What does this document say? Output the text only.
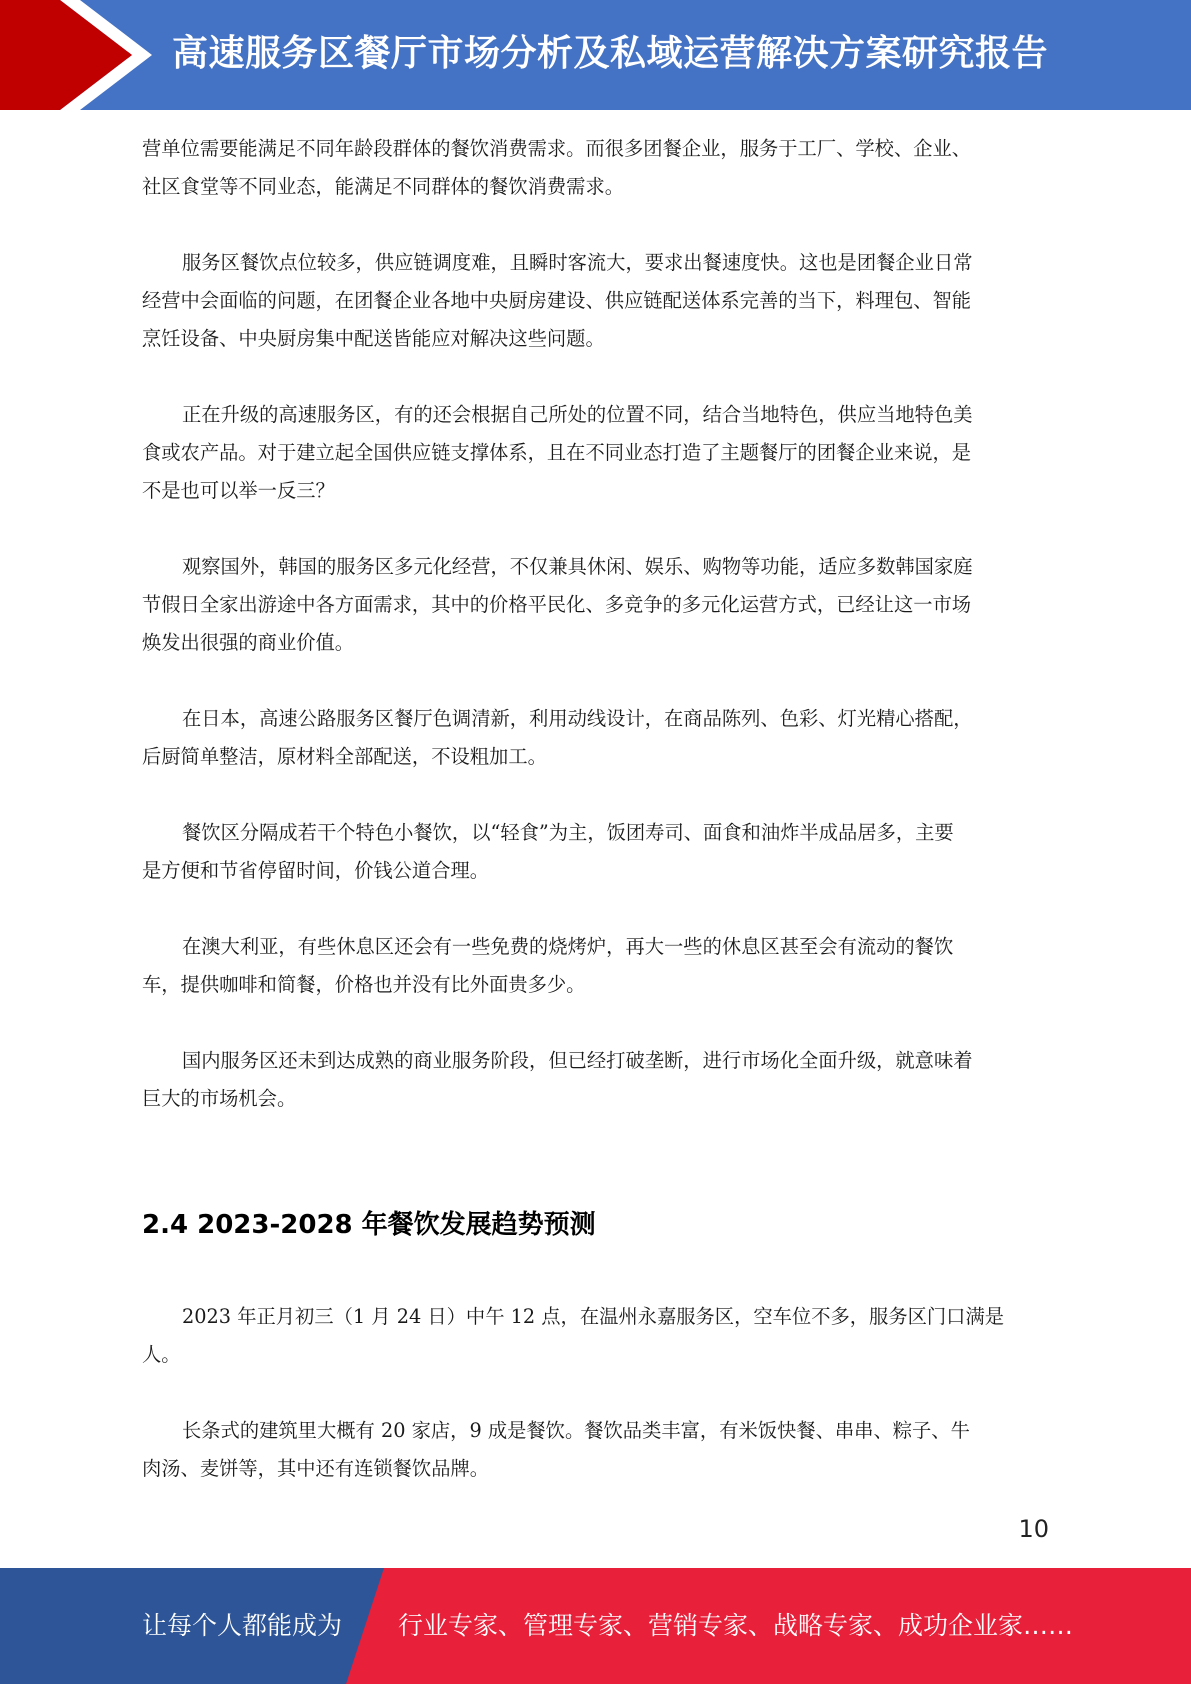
高速服务区餐厅市场分析及私域运营解决方案研究报告
营单位需要能满足不同年龄段群体的餐饮消费需求。而很多团餐企业，服务于工厂、学校、企业、
社区食堂等不同业态，能满足不同群体的餐饮消费需求。
服务区餐饮点位较多，供应链调度难，且瞬时客流大，要求出餐速度快。这也是团餐企业日常
经营中会面临的问题，在团餐企业各地中央厨房建设、供应链配送体系完善的当下，料理包、智能
烹饪设备、中央厨房集中配送皆能应对解决这些问题。
正在升级的高速服务区，有的还会根据自己所处的位置不同，结合当地特色，供应当地特色美
食或农产品。对于建立起全国供应链支撑体系，且在不同业态打造了主题餐厅的团餐企业来说，是
不是也可以举一反三？
观察国外，韩国的服务区多元化经营，不仅兼具休闲、娱乐、购物等功能，适应多数韩国家庭
节假日全家出游途中各方面需求，其中的价格平民化、多竞争的多元化运营方式，已经让这一市场
焕发出很强的商业价值。
在日本，高速公路服务区餐厅色调清新，利用动线设计，在商品陈列、色彩、灯光精心搭配，
后厨简单整洁，原材料全部配送，不设粗加工。
餐饮区分隔成若干个特色小餐饮，以“轻食”为主，饭团寿司、面食和油炸半成品居多，主要
是方便和节省停留时间，价钱公道合理。
在澳大利亚，有些休息区还会有一些免费的烧烤炉，再大一些的休息区甚至会有流动的餐饮
车，提供咖啡和简餐，价格也并没有比外面贵多少。
国内服务区还未到达成熟的商业服务阶段，但已经打破垄断，进行市场化全面升级，就意味着
巨大的市场机会。
2.4 2023-2028 年餐饮发展趋势预测
2023 年正月初三（1 月 24 日）中午 12 点，在温州永嘉服务区，空车位不多，服务区门口满是
人。
长条式的建筑里大概有 20 家店，9 成是餐饮。餐饮品类丰富，有米饭快餐、串串、粽子、牛
肉汤、麦饼等，其中还有连锁餐饮品牌。
10
让每个人都能成为 行业专家、管理专家、营销专家、战略专家、成功企业家……
